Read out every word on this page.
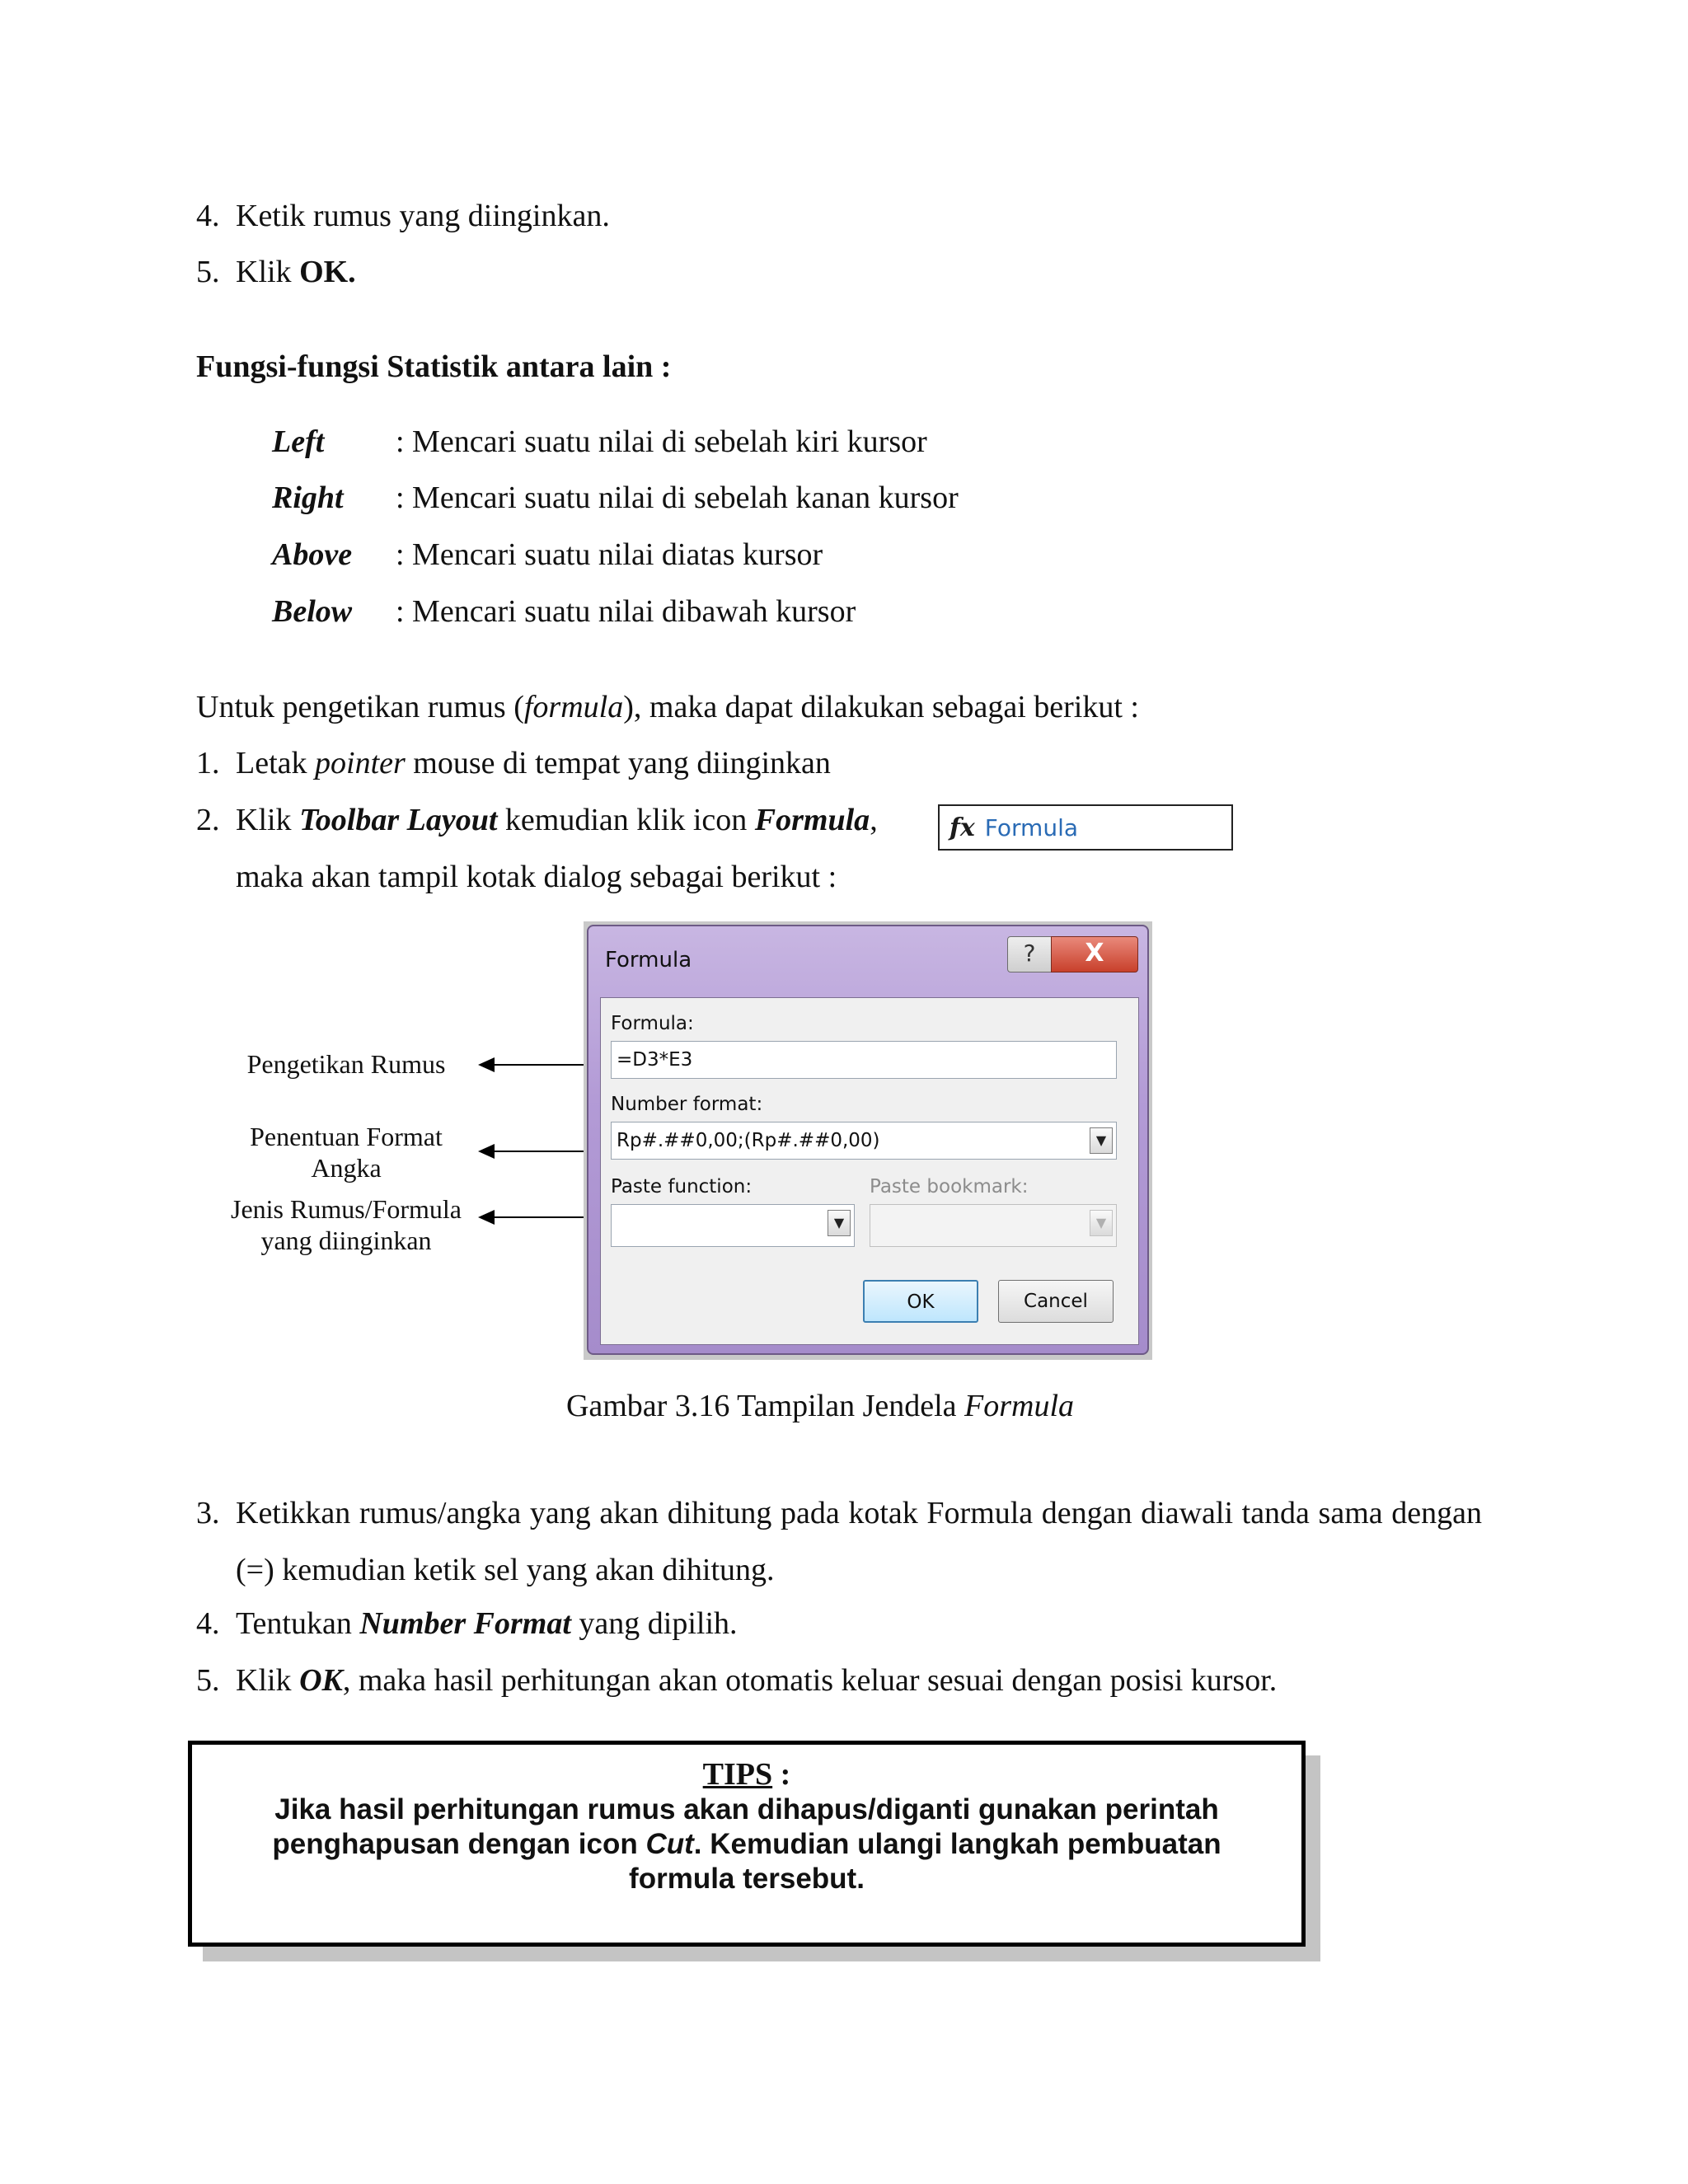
4. Ketik rumus yang diinginkan.
5. Klik OK.
Fungsi-fungsi Statistik antara lain :
Left : Mencari suatu nilai di sebelah kiri kursor
Right : Mencari suatu nilai di sebelah kanan kursor
Above : Mencari suatu nilai diatas kursor
Below : Mencari suatu nilai dibawah kursor
Untuk pengetikan rumus (formula), maka dapat dilakukan sebagai berikut :
1. Letak pointer mouse di tempat yang diinginkan
2. Klik Toolbar Layout kemudian klik icon Formula,
maka akan tampil kotak dialog sebagai berikut :
fx Formula
Pengetikan Rumus
Penentuan Format
Angka
Jenis Rumus/Formula
yang diinginkan
Formula	?	X
Formula:
=D3*E3
Number format:
Rp#.##0,00;(Rp#.##0,00)	▼
Paste function:
▼
Paste bookmark:
▼
OK	Cancel
Gambar 3.16 Tampilan Jendela Formula
3. Ketikkan rumus/angka yang akan dihitung pada kotak Formula dengan diawali tanda sama dengan (=) kemudian ketik sel yang akan dihitung.
4. Tentukan Number Format yang dipilih.
5. Klik OK, maka hasil perhitungan akan otomatis keluar sesuai dengan posisi kursor.
TIPS :
Jika hasil perhitungan rumus akan dihapus/diganti gunakan perintah penghapusan dengan icon Cut. Kemudian ulangi langkah pembuatan formula tersebut.
